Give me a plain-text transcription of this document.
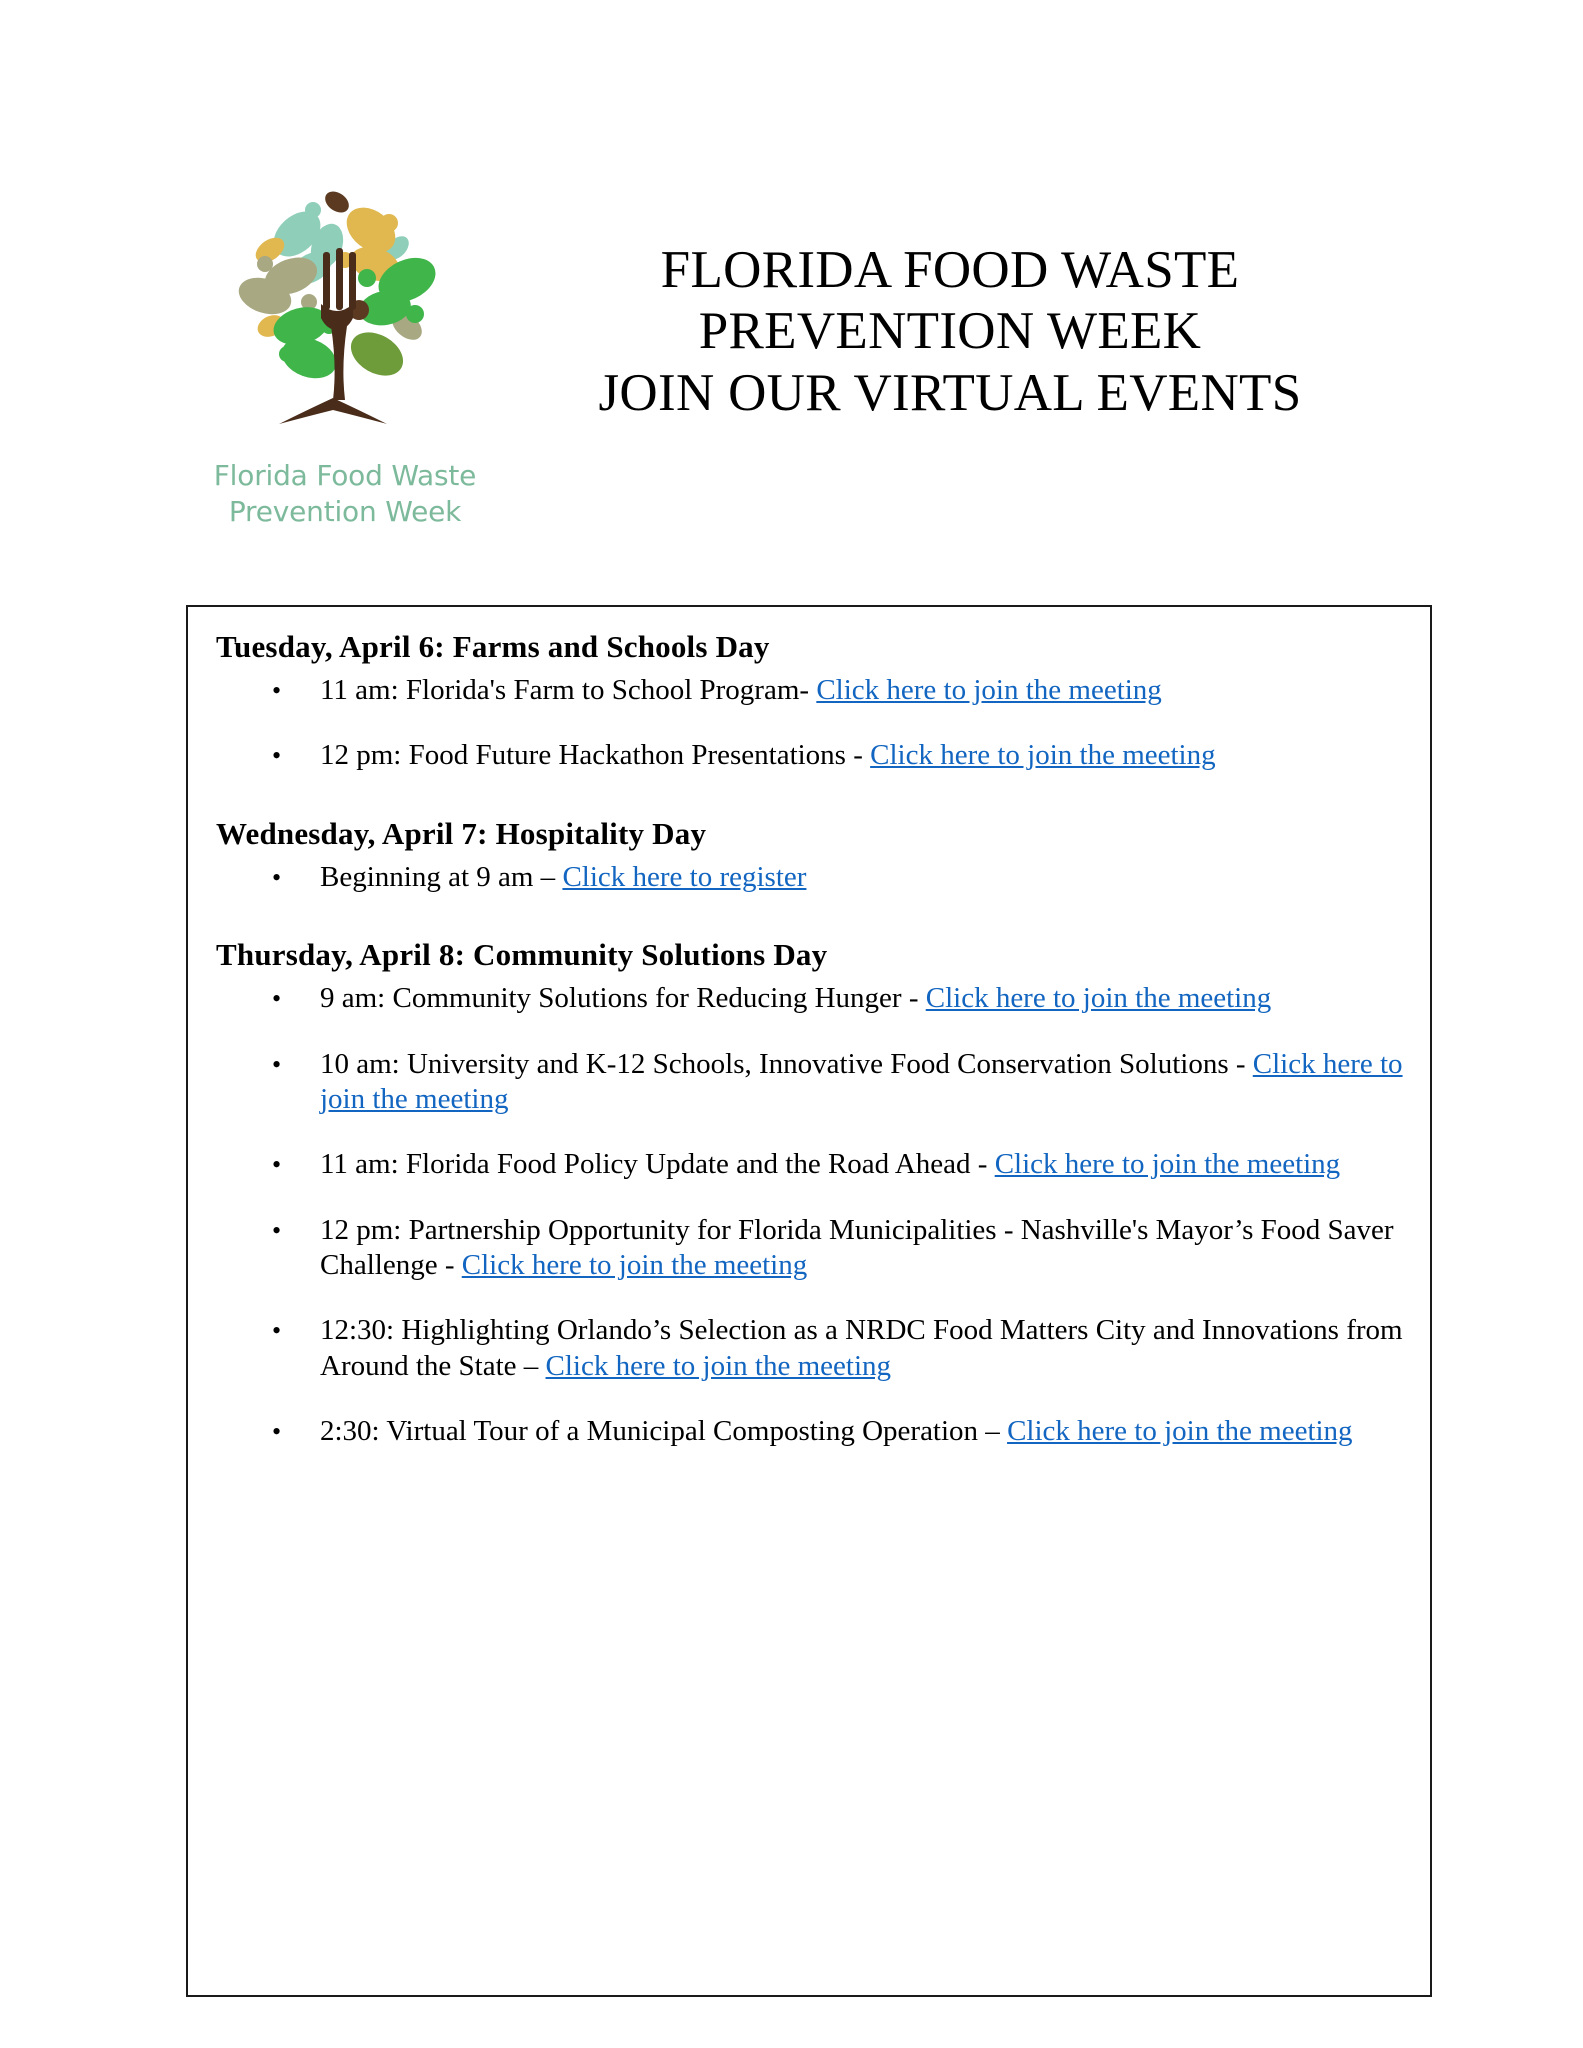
Florida Food Waste
Prevention Week
FLORIDA FOOD WASTE
PREVENTION WEEK
JOIN OUR VIRTUAL EVENTS
Tuesday, April 6: Farms and Schools Day
• 11 am: Florida's Farm to School Program- Click here to join the meeting
• 12 pm: Food Future Hackathon Presentations - Click here to join the meeting
Wednesday, April 7: Hospitality Day
• Beginning at 9 am – Click here to register
Thursday, April 8: Community Solutions Day
• 9 am: Community Solutions for Reducing Hunger - Click here to join the meeting
• 10 am: University and K-12 Schools, Innovative Food Conservation Solutions - Click here to join the meeting
• 11 am: Florida Food Policy Update and the Road Ahead - Click here to join the meeting
• 12 pm: Partnership Opportunity for Florida Municipalities - Nashville's Mayor’s Food Saver Challenge - Click here to join the meeting
• 12:30: Highlighting Orlando’s Selection as a NRDC Food Matters City and Innovations from Around the State – Click here to join the meeting
• 2:30: Virtual Tour of a Municipal Composting Operation – Click here to join the meeting
